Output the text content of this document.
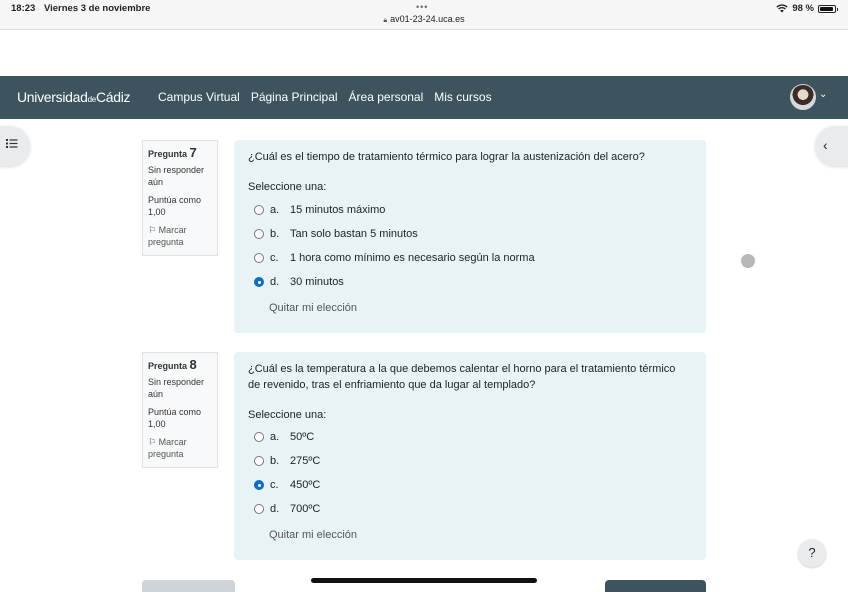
18:23 Viernes 3 de noviembre	•••
🔒︎ av01-23-24.uca.es
98 %
UniversidaddeCádiz Campus Virtual Página Principal Área personal Mis cursos	⌄
‹
Pregunta 7
Sin responder aún
Puntúa como 1,00
⚐ Marcar pregunta
¿Cuál es el tiempo de tratamiento térmico para lograr la austenización del acero?
Seleccione una:
a. 15 minutos máximo
b. Tan solo bastan 5 minutos
c.	1 hora como mínimo es necesario según la norma
d. 30 minutos
Quitar mi elección
Pregunta 8
Sin responder aún
Puntúa como 1,00
⚐ Marcar pregunta
¿Cuál es la temperatura a la que debemos calentar el horno para el tratamiento térmico
de revenido, tras el enfriamiento que da lugar al templado?
Seleccione una:
a. 50ºC
b. 275ºC
c.	450ºC
d. 700ºC
Quitar mi elección
?
